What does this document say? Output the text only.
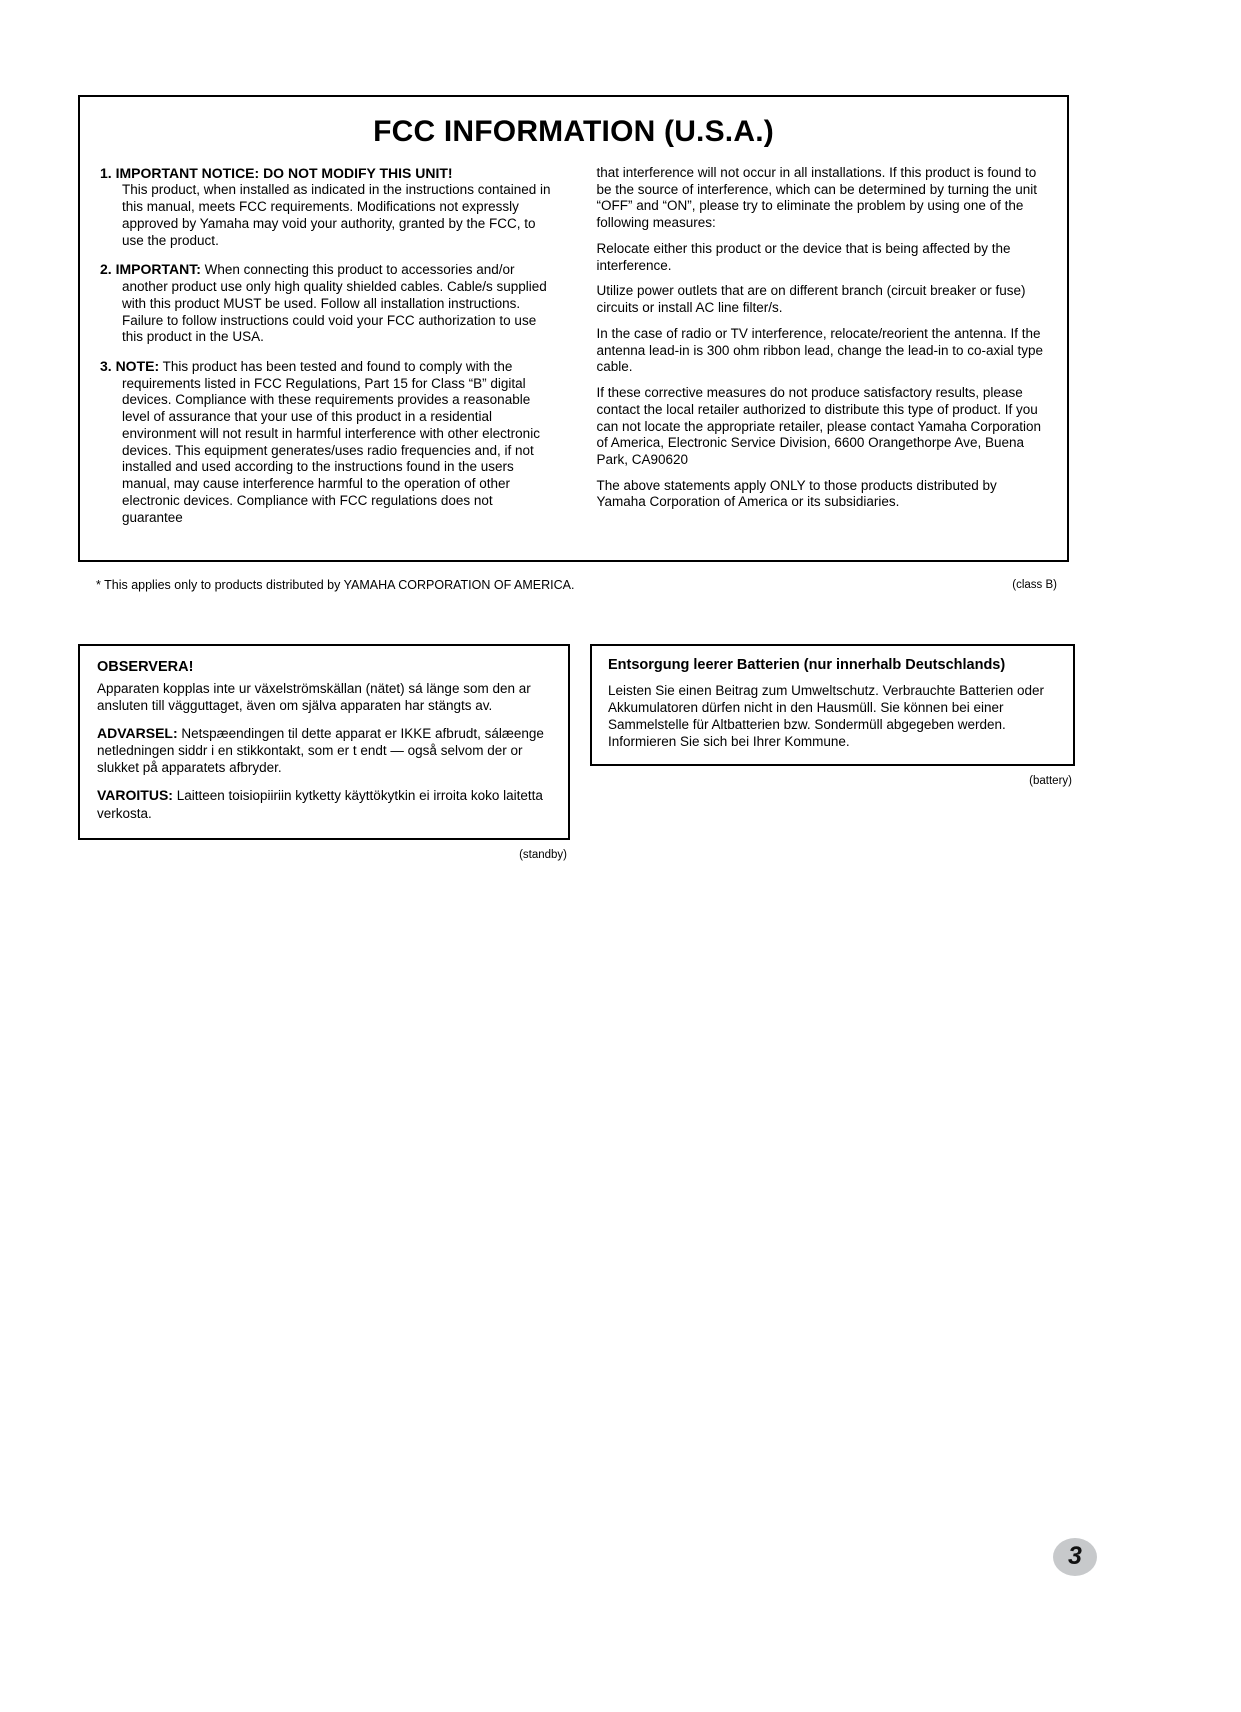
FCC INFORMATION (U.S.A.)
1. IMPORTANT NOTICE: DO NOT MODIFY THIS UNIT!
This product, when installed as indicated in the instructions contained in this manual, meets FCC requirements. Modifications not expressly approved by Yamaha may void your authority, granted by the FCC, to use the product.

2. IMPORTANT: When connecting this product to accessories and/or another product use only high quality shielded cables. Cable/s supplied with this product MUST be used. Follow all installation instructions. Failure to follow instructions could void your FCC authorization to use this product in the USA.

3. NOTE: This product has been tested and found to comply with the requirements listed in FCC Regulations, Part 15 for Class “B” digital devices. Compliance with these requirements provides a reasonable level of assurance that your use of this product in a residential environment will not result in harmful interference with other electronic devices. This equipment generates/uses radio frequencies and, if not installed and used according to the instructions found in the users manual, may cause interference harmful to the operation of other electronic devices. Compliance with FCC regulations does not guarantee

that interference will not occur in all installations. If this product is found to be the source of interference, which can be determined by turning the unit “OFF” and “ON”, please try to eliminate the problem by using one of the following measures:

Relocate either this product or the device that is being affected by the interference.

Utilize power outlets that are on different branch (circuit breaker or fuse) circuits or install AC line filter/s.

In the case of radio or TV interference, relocate/reorient the antenna. If the antenna lead-in is 300 ohm ribbon lead, change the lead-in to co-axial type cable.

If these corrective measures do not produce satisfactory results, please contact the local retailer authorized to distribute this type of product. If you can not locate the appropriate retailer, please contact Yamaha Corporation of America, Electronic Service Division, 6600 Orangethorpe Ave, Buena Park, CA90620

The above statements apply ONLY to those products distributed by Yamaha Corporation of America or its subsidiaries.

* This applies only to products distributed by YAMAHA CORPORATION OF AMERICA.	(class B)
OBSERVERA!

Apparaten kopplas inte ur växelströmskällan (nätet) sá länge som den ar ansluten till vägguttaget, även om själva apparaten har stängts av.

ADVARSEL: Netspæendingen til dette apparat er IKKE afbrudt, sálæenge netledningen siddr i en stikkontakt, som er t endt — også selvom der or slukket på apparatets afbryder.

VAROITUS: Laitteen toisiopiiriin kytketty käyttökytkin ei irroita koko laitetta verkosta.

(standby)
Entsorgung leerer Batterien (nur innerhalb Deutschlands)

Leisten Sie einen Beitrag zum Umweltschutz. Verbrauchte Batterien oder Akkumulatoren dürfen nicht in den Hausmüll. Sie können bei einer Sammelstelle für Altbatterien bzw. Sondermüll abgegeben werden. Informieren Sie sich bei Ihrer Kommune.

(battery)
3
